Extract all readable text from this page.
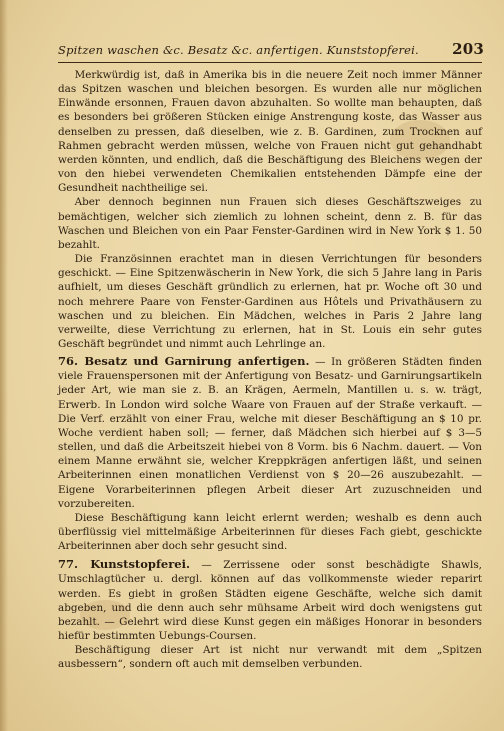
Spitzen waschen &c. Besatz &c. anfertigen. Kunststopferei. 203

Merkwürdig ist, daß in Amerika bis in die neuere Zeit noch immer Männer das Spitzen waschen und bleichen besorgen. Es wurden alle nur möglichen Einwände ersonnen, Frauen davon abzuhalten. So wollte man behaupten, daß es besonders bei größeren Stücken einige Anstrengung koste, das Wasser aus denselben zu pressen, daß dieselben, wie z. B. Gardinen, zum Trocknen auf Rahmen gebracht werden müssen, welche von Frauen nicht gut gehandhabt werden könnten, und endlich, daß die Beschäftigung des Bleichens wegen der von den hiebei verwendeten Chemikalien entstehenden Dämpfe eine der Gesundheit nachtheilige sei.

Aber dennoch beginnen nun Frauen sich dieses Geschäftszweiges zu bemächtigen, welcher sich ziemlich zu lohnen scheint, denn z. B. für das Waschen und Bleichen von ein Paar Fenster-Gardinen wird in New York $ 1. 50 bezahlt.

Die Französinnen erachtet man in diesen Verrichtungen für besonders geschickt. — Eine Spitzenwäscherin in New York, die sich 5 Jahre lang in Paris aufhielt, um dieses Geschäft gründlich zu erlernen, hat pr. Woche oft 30 und noch mehrere Paare von Fenster-Gardinen aus Hôtels und Privathäusern zu waschen und zu bleichen. Ein Mädchen, welches in Paris 2 Jahre lang verweilte, diese Verrichtung zu erlernen, hat in St. Louis ein sehr gutes Geschäft begründet und nimmt auch Lehrlinge an.

76. Besatz und Garnirung anfertigen. — In größeren Städten finden viele Frauenspersonen mit der Anfertigung von Besatz- und Garnirungsartikeln jeder Art, wie man sie z. B. an Krägen, Aermeln, Mantillen u. s. w. trägt, Erwerb. In London wird solche Waare von Frauen auf der Straße verkauft. — Die Verf. erzählt von einer Frau, welche mit dieser Beschäftigung an $ 10 pr. Woche verdient haben soll; — ferner, daß Mädchen sich hierbei auf $ 3—5 stellen, und daß die Arbeitszeit hiebei von 8 Vorm. bis 6 Nachm. dauert. — Von einem Manne erwähnt sie, welcher Kreppkrägen anfertigen läßt, und seinen Arbeiterinnen einen monatlichen Verdienst von $ 20—26 auszubezahlt. — Eigene Vorarbeiterinnen pflegen Arbeit dieser Art zuzuschneiden und vorzubereiten.

Diese Beschäftigung kann leicht erlernt werden; weshalb es denn auch überflüssig viel mittelmäßige Arbeiterinnen für dieses Fach giebt, geschickte Arbeiterinnen aber doch sehr gesucht sind.

77. Kunststopferei. — Zerrissene oder sonst beschädigte Shawls, Umschlagtücher u. dergl. können auf das vollkommenste wieder reparirt werden. Es giebt in großen Städten eigene Geschäfte, welche sich damit abgeben, und die denn auch sehr mühsame Arbeit wird doch wenigstens gut bezahlt. — Gelehrt wird diese Kunst gegen ein mäßiges Honorar in besonders hiefür bestimmten Uebungs-Coursen.

Beschäftigung dieser Art ist nicht nur verwandt mit dem „Spitzen ausbessern“, sondern oft auch mit demselben verbunden.
